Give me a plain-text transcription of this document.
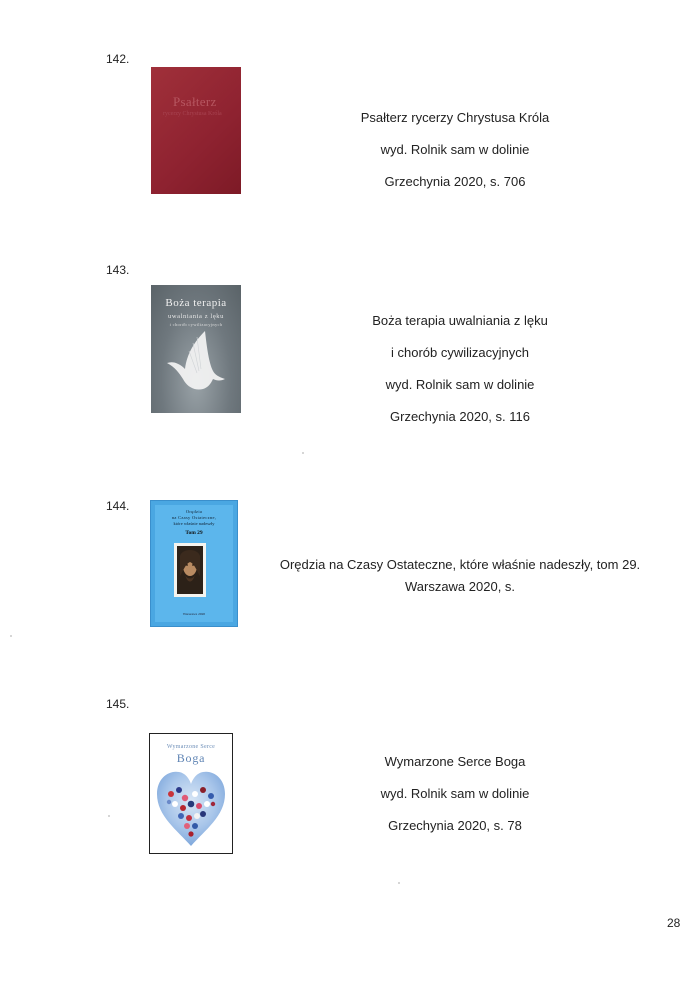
142.
Psałterz
rycerzy Chrystusa Króla	Psałterz rycerzy Chrystusa Króla
wyd. Rolnik sam w dolinie
Grzechynia 2020, s. 706
143.
Boża terapia
uwalniania z lęku
i chorób cywilizacyjnych	Boża terapia uwalniania z lęku
i chorób cywilizacyjnych
wyd. Rolnik sam w dolinie
Grzechynia 2020, s. 116
144.	Orędzia
na Czasy Ostateczne,
które właśnie nadeszły
Tom 29
Warszawa 2020
Orędzia na Czasy Ostateczne, które właśnie nadeszły, tom 29.
Warszawa 2020, s.
145.
Wymarzone Serce
Boga	Wymarzone Serce Boga
wyd. Rolnik sam w dolinie
Grzechynia 2020, s. 78
28
